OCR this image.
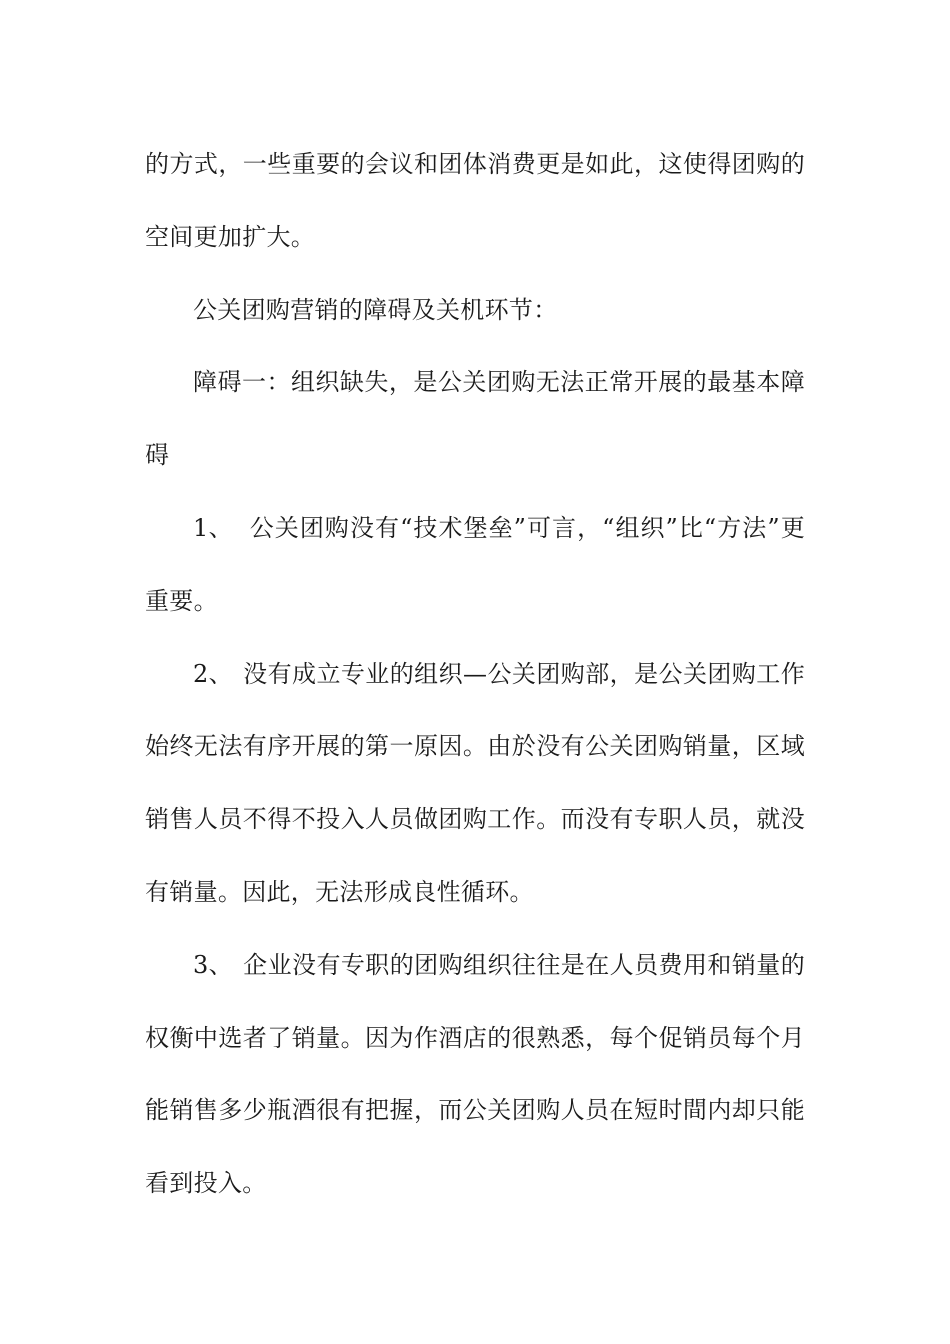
的方式，一些重要的会议和团体消费更是如此，这使得团购的空间更加扩大。

公关团购营销的障碍及关机环节：

障碍一：组织缺失，是公关团购无法正常开展的最基本障碍

1、 公关团购没有“技术堡垒”可言，“组织”比“方法”更重要。

2、 没有成立专业的组织—公关团购部，是公关团购工作始终无法有序开展的第一原因。由於没有公关团购销量，区域销售人员不得不投入人员做团购工作。而没有专职人员，就没有销量。因此，无法形成良性循环。

3、 企业没有专职的团购组织往往是在人员费用和销量的权衡中选者了销量。因为作酒店的很熟悉，每个促销员每个月能销售多少瓶酒很有把握，而公关团购人员在短时間内却只能看到投入。
